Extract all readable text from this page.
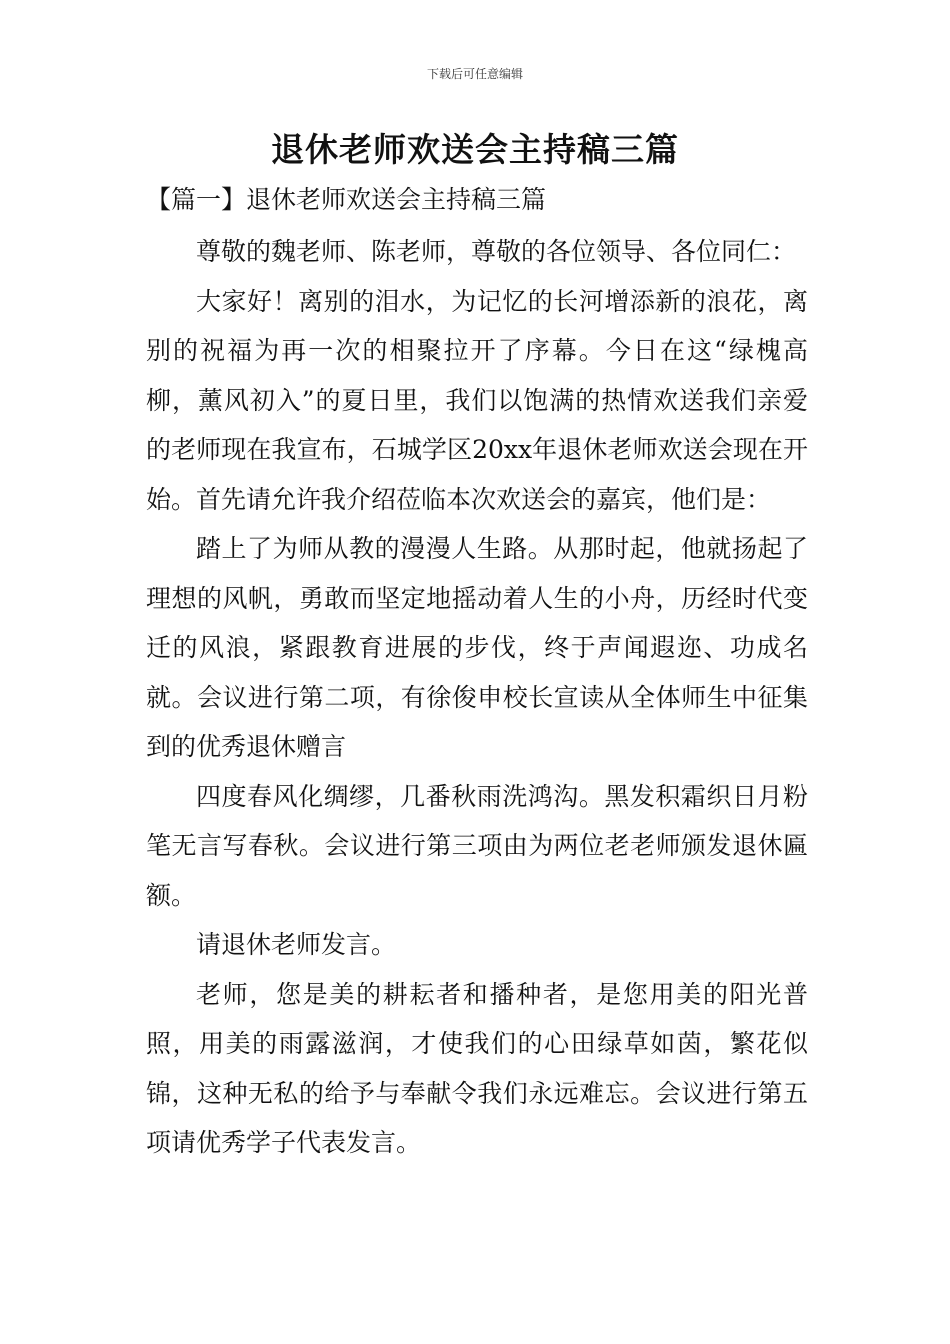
下载后可任意编辑
退休老师欢送会主持稿三篇
【篇一】退休老师欢送会主持稿三篇

尊敬的魏老师、陈老师，尊敬的各位领导、各位同仁：

大家好！离别的泪水，为记忆的长河增添新的浪花，离别的祝福为再一次的相聚拉开了序幕。今日在这“绿槐高柳，薰风初入”的夏日里，我们以饱满的热情欢送我们亲爱的老师现在我宣布，石城学区20xx年退休老师欢送会现在开始。首先请允许我介绍莅临本次欢送会的嘉宾，他们是：

踏上了为师从教的漫漫人生路。从那时起，他就扬起了理想的风帆，勇敢而坚定地摇动着人生的小舟，历经时代变迁的风浪，紧跟教育进展的步伐，终于声闻遐迩、功成名就。会议进行第二项，有徐俊申校长宣读从全体师生中征集到的优秀退休赠言

四度春风化绸缪，几番秋雨洗鸿沟。黑发积霜织日月粉笔无言写春秋。会议进行第三项由为两位老老师颁发退休匾额。

请退休老师发言。

老师，您是美的耕耘者和播种者，是您用美的阳光普照，用美的雨露滋润，才使我们的心田绿草如茵，繁花似锦，这种无私的给予与奉献令我们永远难忘。会议进行第五项请优秀学子代表发言。
